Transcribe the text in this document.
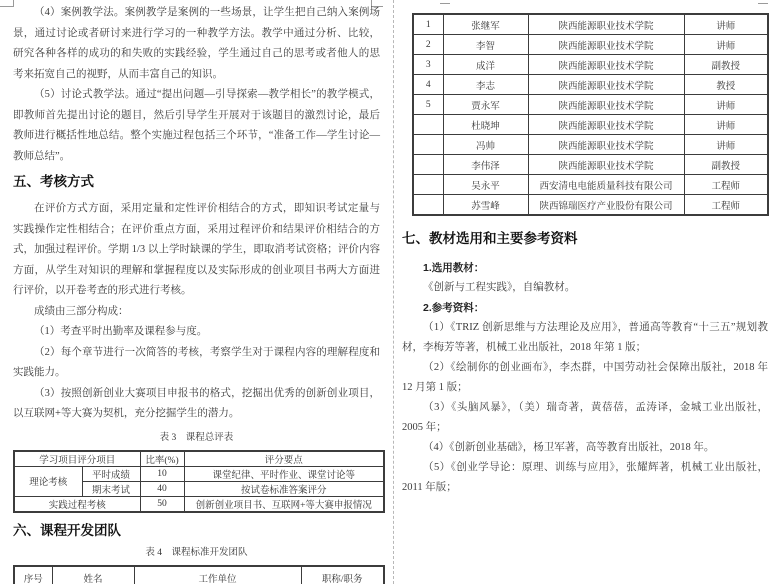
（4）案例教学法。案例教学是案例的一些场景，让学生把自己纳入案例场景，通过讨论或者研讨来进行学习的一种教学方法。教学中通过分析、比较，研究各种各样的成功的和失败的实践经验，学生通过自己的思考或者他人的思考来拓宽自己的视野，从而丰富自己的知识。

（5）讨论式教学法。通过“提出问题—引导探索—教学相长”的教学模式，即教师首先提出讨论的题目，然后引导学生开展对于该题目的激烈讨论，最后教师进行概括性地总结。整个实施过程包括三个环节，“准备工作—学生讨论—教师总结”。

五、考核方式

在评价方式方面，采用定量和定性评价相结合的方式，即知识考试定量与实践操作定性相结合；在评价重点方面，采用过程评价和结果评价相结合的方式，加强过程评价。学期 1/3 以上学时缺课的学生，即取消考试资格；评价内容方面，从学生对知识的理解和掌握程度以及实际形成的创业项目书两大方面进行评价，以开卷考查的形式进行考核。

成绩由三部分构成：

（1）考查平时出勤率及课程参与度。

（2）每个章节进行一次简答的考核，考察学生对于课程内容的理解程度和实践能力。

（3）按照创新创业大赛项目申报书的格式，挖掘出优秀的创新创业项目，以互联网+等大赛为契机，充分挖掘学生的潜力。

表 3　课程总评表

学习项目评分项目		比率(%)	评分要点
理论考核	平时成绩	10	课堂纪律、平时作业、课堂讨论等
	期末考试	40	按试卷标准答案评分
实践过程考核		50	创新创业项目书、互联网+等大赛申报情况
六、课程开发团队

表 4　课程标准开发团队

序号	姓名	工作单位	职称/职务
1	张继军	陕西能源职业技术学院	讲师
2	李智	陕西能源职业技术学院	讲师
3	成洋	陕西能源职业技术学院	副教授
4	李志	陕西能源职业技术学院	教授
5	贾永军	陕西能源职业技术学院	讲师
	杜晓坤	陕西能源职业技术学院	讲师
	冯帅	陕西能源职业技术学院	讲师
	李伟泽	陕西能源职业技术学院	副教授
	吴永平	西安清电电能质量科技有限公司	工程师
	苏雪峰	陕西锦瑞医疗产业股份有限公司	工程师
七、教材选用和主要参考资料

1.选用教材：

《创新与工程实践》，自编教材。

2.参考资料：

（1）《TRIZ 创新思维与方法理论及应用》，普通高等教育“十三五”规划教材，李梅芳等著，机械工业出版社，2018 年第 1 版；

（2）《绘制你的创业画布》，李杰群，中国劳动社会保障出版社，2018 年 12 月第 1 版；

（3）《头脑风暴》，（美）瑞奇著，黄蓓蓓，孟涛译，金城工业出版社，2005 年；

（4）《创新创业基础》，杨卫军著，高等教育出版社，2018 年。

（5）《创业学导论：原理、训练与应用》，张耀辉著，机械工业出版社，2011 年版；
